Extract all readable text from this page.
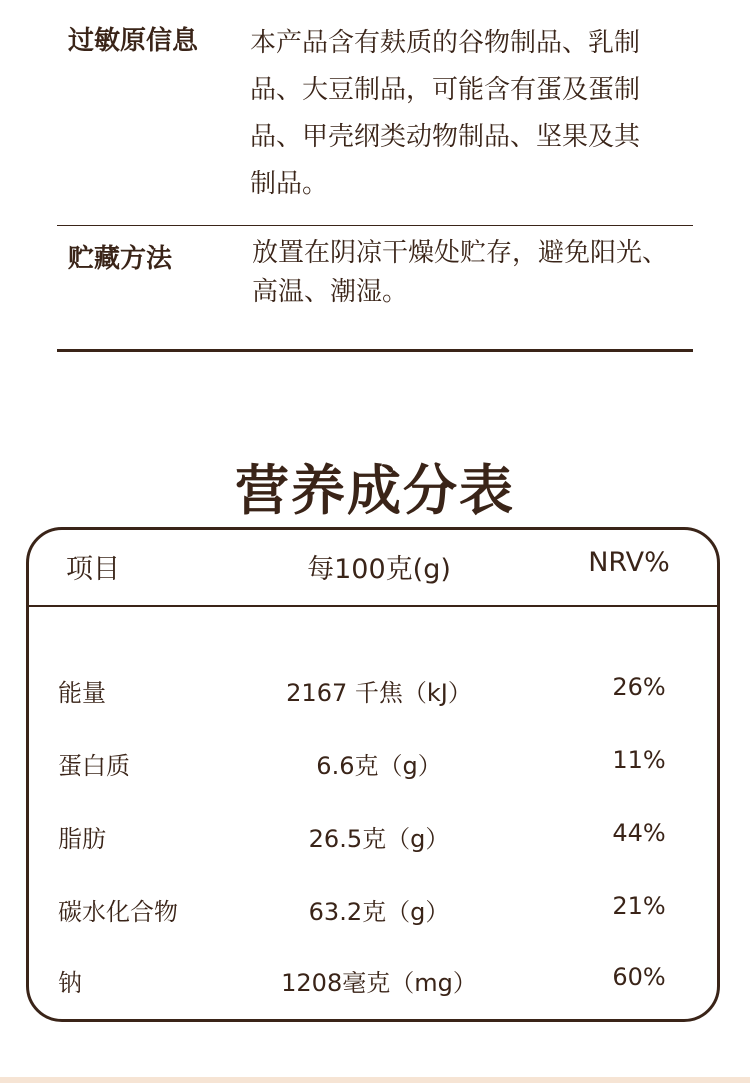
过敏原信息 本产品含有麸质的谷物制品、乳制
品、大豆制品，可能含有蛋及蛋制
品、甲壳纲类动物制品、坚果及其
制品。
贮藏方法	放置在阴凉干燥处贮存，避免阳光、
高温、潮湿。
营养成分表
项目	每100克(g)	NRV%
能量	2167 千焦（kJ）	26%
蛋白质	6.6克（g）	11%
脂肪	26.5克（g）	44%
碳水化合物	63.2克（g）	21%
钠	1208毫克（mg）	60%
